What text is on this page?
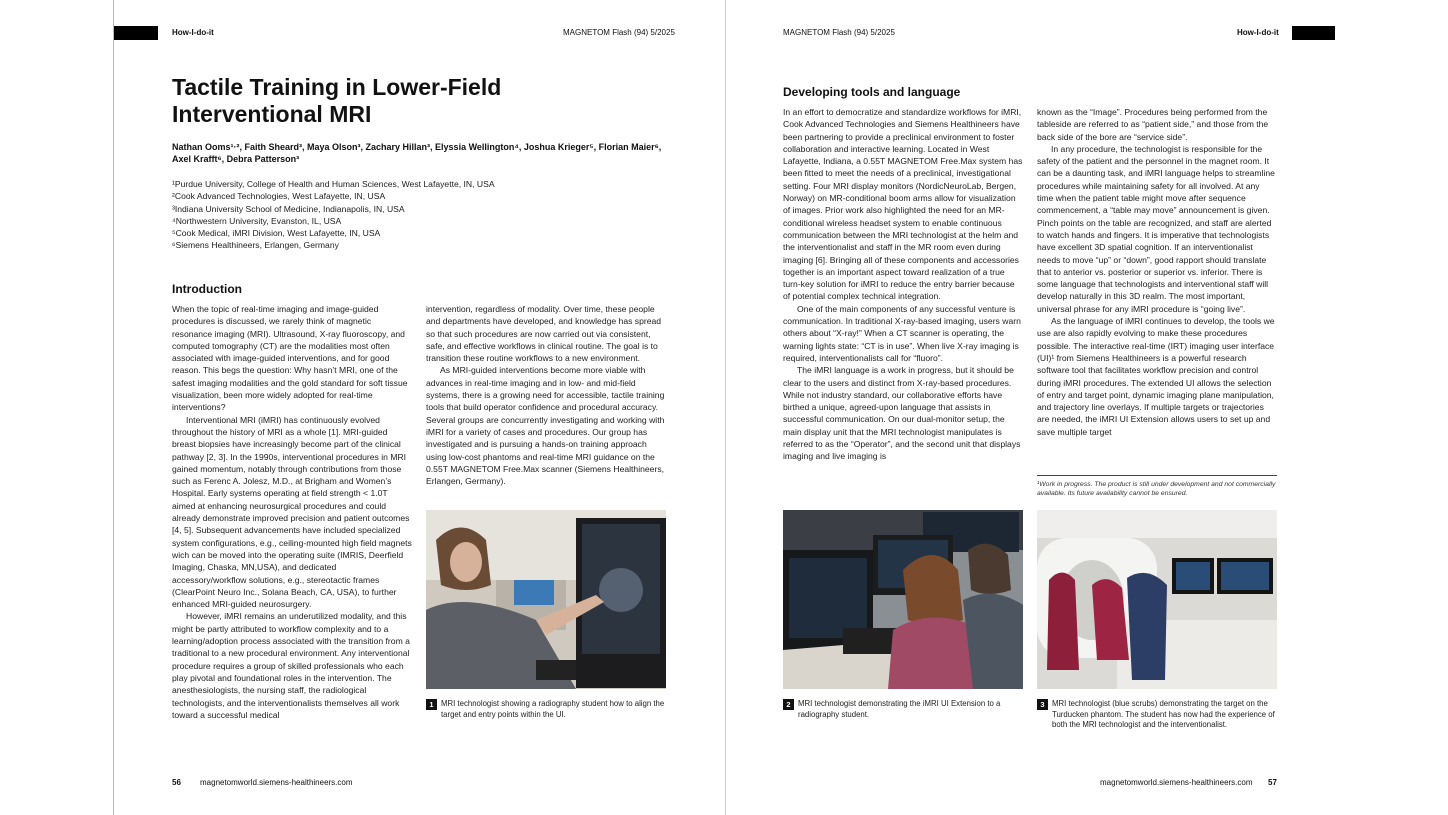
How-I-do-it	MAGNETOM Flash (94) 5/2025	MAGNETOM Flash (94) 5/2025	How-I-do-it
Tactile Training in Lower-Field
Interventional MRI
Nathan Ooms¹·², Faith Sheard³, Maya Olson³, Zachary Hillan³, Elyssia Wellington⁴, Joshua Krieger⁵, Florian Maier⁶,
Axel Krafft⁶, Debra Patterson³
¹Purdue University, College of Health and Human Sciences, West Lafayette, IN, USA
²Cook Advanced Technologies, West Lafayette, IN, USA
³Indiana University School of Medicine, Indianapolis, IN, USA
⁴Northwestern University, Evanston, IL, USA
⁵Cook Medical, iMRI Division, West Lafayette, IN, USA
⁶Siemens Healthineers, Erlangen, Germany
Introduction

When the topic of real-time imaging and image-guided procedures is discussed, we rarely think of magnetic resonance imaging (MRI). Ultrasound, X-ray fluoroscopy, and computed tomography (CT) are the modalities most often associated with image-guided interventions, and for good reason. This begs the question: Why hasn’t MRI, one of the safest imaging modalities and the gold standard for soft tissue visualization, been more widely adopted for real-time interventions?

Interventional MRI (iMRI) has continuously evolved throughout the history of MRI as a whole [1]. MRI-guided breast biopsies have increasingly become part of the clinical pathway [2, 3]. In the 1990s, interventional procedures in MRI gained momentum, notably through contributions from those such as Ferenc A. Jolesz, M.D., at Brigham and Women’s Hospital. Early systems operating at field strength < 1.0T aimed at enhancing neurosurgical procedures and could already demonstrate improved precision and patient outcomes [4, 5]. Subsequent advancements have included specialized system configurations, e.g., ceiling-mounted high field magnets wich can be moved into the operating suite (IMRIS, Deerfield Imaging, Chaska, MN,USA), and dedicated accessory/workflow solutions, e.g., stereotactic frames (ClearPoint Neuro Inc., Solana Beach, CA, USA), to further enhanced MRI-guided neurosurgery.

However, iMRI remains an underutilized modality, and this might be partly attributed to workflow complexity and to a learning/adoption process associated with the transition from a traditional to a new procedural environment. Any interventional procedure requires a group of skilled professionals who each play pivotal and foundational roles in the intervention. The anesthesiologists, the nursing staff, the radiological technologists, and the interventionalists themselves all work toward a successful medical

intervention, regardless of modality. Over time, these people and departments have developed, and knowledge has spread so that such procedures are now carried out via consistent, safe, and effective workflows in clinical routine. The goal is to transition these routine workflows to a new environment.

As MRI-guided interventions become more viable with advances in real-time imaging and in low- and mid-field systems, there is a growing need for accessible, tactile training tools that build operator confidence and procedural accuracy. Several groups are concurrently investigating and working with iMRI for a variety of cases and procedures. Our group has investigated and is pursuing a hands-on training approach using low-cost phantoms and real-time MRI guidance on the 0.55T MAGNETOM Free.Max scanner (Siemens Healthineers, Erlangen, Germany).

1 MRI technologist showing a radiography student how to align the target and entry points within the UI.
Developing tools and language

In an effort to democratize and standardize workflows for iMRI, Cook Advanced Technologies and Siemens Healthineers have been partnering to provide a preclinical environment to foster collaboration and interactive learning. Located in West Lafayette, Indiana, a 0.55T MAGNETOM Free.Max system has been fitted to meet the needs of a preclinical, investigational setting. Four MRI display monitors (NordicNeuroLab, Bergen, Norway) on MR-conditional boom arms allow for visualization of images. Prior work also highlighted the need for an MR-conditional wireless headset system to enable continuous communication between the MRI technologist at the helm and the interventionalist and staff in the MR room even during imaging [6]. Bringing all of these components and accessories together is an important aspect toward realization of a true turn-key solution for iMRI to reduce the entry barrier because of potential complex technical integration.

One of the main components of any successful venture is communication. In traditional X-ray-based imaging, users warn others about “X-ray!” When a CT scanner is operating, the warning lights state: “CT is in use”. When live X-ray imaging is required, interventionalists call for “fluoro”.

The iMRI language is a work in progress, but it should be clear to the users and distinct from X-ray-based procedures. While not industry standard, our collaborative efforts have birthed a unique, agreed-upon language that assists in successful communication. On our dual-monitor setup, the main display unit that the MRI technologist manipulates is referred to as the “Operator”, and the second unit that displays imaging and live imaging is

known as the “Image”. Procedures being performed from the tableside are referred to as “patient side,” and those from the back side of the bore are “service side”.

In any procedure, the technologist is responsible for the safety of the patient and the personnel in the magnet room. It can be a daunting task, and iMRI language helps to streamline procedures while maintaining safety for all involved. At any time when the patient table might move after sequence commencement, a “table may move” announcement is given. Pinch points on the table are recognized, and staff are alerted to watch hands and fingers. It is imperative that technologists have excellent 3D spatial cognition. If an interventionalist needs to move “up” or “down”, good rapport should translate that to anterior vs. posterior or superior vs. inferior. There is some language that technologists and interventional staff will develop naturally in this 3D realm. The most important, universal phrase for any iMRI procedure is “going live”.

As the language of iMRI continues to develop, the tools we use are also rapidly evolving to make these procedures possible. The interactive real-time (IRT) imaging user interface (UI)¹ from Siemens Healthineers is a powerful research software tool that facilitates workflow precision and control during iMRI procedures. The extended UI allows the selection of entry and target point, dynamic imaging plane manipulation, and trajectory line overlays. If multiple targets or trajectories are needed, the iMRI UI Extension allows users to set up and save multiple target

¹Work in progress. The product is still under development and not commercially available. Its future availability cannot be ensured.
2 MRI technologist demonstrating the iMRI UI Extension to a radiography student.
3 MRI technologist (blue scrubs) demonstrating the target on the Turducken phantom. The student has now had the experience of both the MRI technologist and the interventionalist.
56 magnetomworld.siemens-healthineers.com	magnetomworld.siemens-healthineers.com 57
